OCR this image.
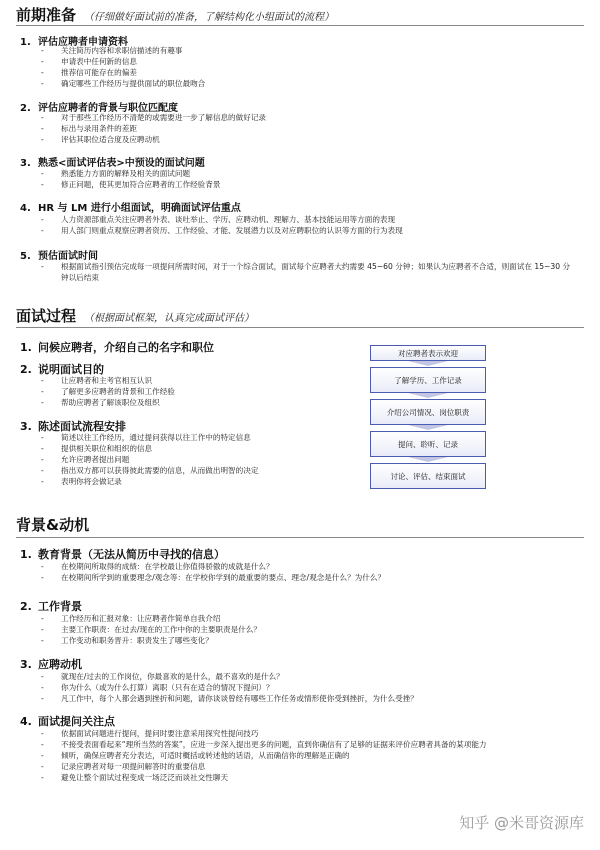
前期准备 （仔细做好面试前的准备，了解结构化小组面试的流程）
1. 评估应聘者申请资料
- 关注简历内容和求职信描述的有趣事
- 申请表中任何新的信息
- 推荐信可能存在的偏差
- 确定哪些工作经历与提供面试的职位最吻合
2. 评估应聘者的背景与职位匹配度
- 对于那些工作经历不清楚的或需要进一步了解信息的做好记录
- 标出与录用条件的差距
- 评估其职位适合度及应聘动机
3. 熟悉<面试评估表>中预设的面试问题
- 熟悉能力方面的解释及相关的面试问题
- 修正问题，使其更加符合应聘者的工作经验背景
4. HR 与 LM 进行小组面试，明确面试评估重点
- 人力资源部重点关注应聘者外表、谈吐举止、学历、应聘动机、理解力、基本技能运用等方面的表现
- 用人部门则重点观察应聘者资历、工作经验、才能、发展潜力以及对应聘职位的认识等方面的行为表现
5. 预估面试时间
- 根据面试指引预估完成每一项提问所需时间，对于一个综合面试，面试每个应聘者大约需要 45~60 分钟；如果认为应聘者不合适，则面试在 15~30 分钟以后结束
面试过程 （根据面试框架，认真完成面试评估）
1. 问候应聘者，介绍自己的名字和职位
2. 说明面试目的
- 让应聘者和主考官相互认识
- 了解更多应聘者的背景和工作经验
- 帮助应聘者了解该职位及组织
3. 陈述面试流程安排
- 简述以往工作经历，通过提问获得以往工作中的特定信息
- 提供相关职位和组织的信息
- 允许应聘者提出问题
- 指出双方都可以获得彼此需要的信息，从而做出明智的决定
- 表明你将会做记录
对应聘者表示欢迎
了解学历、工作记录
介绍公司情况、岗位职责
提问、聆听、记录
讨论、评估、结束面试
背景&动机
1. 教育背景（无法从简历中寻找的信息）
- 在校期间所取得的成绩：在学校最让你值得骄傲的成就是什么？
- 在校期间所学到的重要理念/观念等：在学校你学到的最重要的要点、理念/观念是什么？为什么？
2. 工作背景
- 工作经历和汇报对象：让应聘者作简单自我介绍
- 主要工作职责：在过去/现在的工作中你的主要职责是什么？
- 工作变动和职务晋升：职责发生了哪些变化？
3. 应聘动机
- 就现在/过去的工作岗位，你最喜欢的是什么，最不喜欢的是什么？
- 你为什么（或为什么打算）离职（只有在适合的情况下提问）？
- 凡工作中，每个人都会遇到挫折和问题，请你谈谈曾经有哪些工作任务或情形使你受到挫折，为什么受挫？
4. 面试提问关注点
- 依据面试问题进行提问，提问时要注意采用探究性提问技巧
- 不接受表面看起来“理所当然的答案”，应进一步深入提出更多的问题，直到你确信有了足够的证据来评价应聘者具备的某项能力
- 倾听，确保应聘者充分表达，可适时概括或转述他的话语，从而确信你的理解是正确的
- 记录应聘者对每一项提问解答时的重要信息
- 避免让整个面试过程变成一场泛泛而谈社交性聊天
知乎 @米哥资源库
